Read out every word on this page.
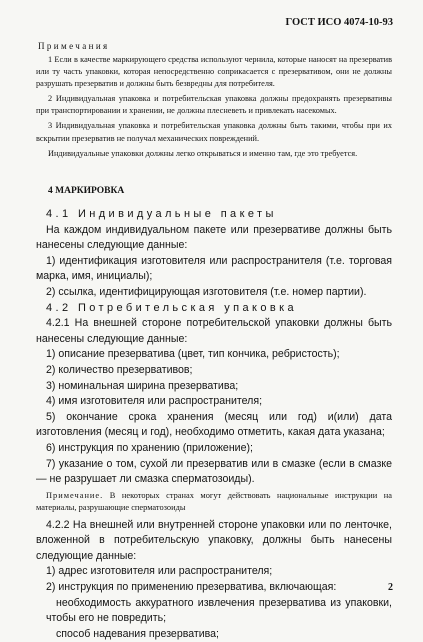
ГОСТ ИСО 4074-10-93
Примечания

1 Если в качестве маркирующего средства используют чернила, которые наносят на презерватив или ту часть упаковки, которая непосредственно соприкасается с презервативом, они не должны разрушать презерватив и должны быть безвредны для потребителя.

2 Индивидуальная упаковка и потребительская упаковка должны предохранять презервативы при транспортировании и хранении, не должны плесневеть и привлекать насекомых.

3 Индивидуальная упаковка и потребительская упаковка должны быть такими, чтобы при их вскрытии презерватив не получал механических повреждений.

Индивидуальные упаковки должны легко открываться и именно там, где это требуется.

4 МАРКИРОВКА

4.1 Индивидуальные пакеты

На каждом индивидуальном пакете или презервативе должны быть нанесены следующие данные:

1) идентификация изготовителя или распространителя (т.е. торговая марка, имя, инициалы);

2) ссылка, идентифицирующая изготовителя (т.е. номер партии).

4.2 Потребительская упаковка

4.2.1 На внешней стороне потребительской упаковки должны быть нанесены следующие данные:

1) описание презерватива (цвет, тип кончика, ребристость);

2) количество презервативов;

3) номинальная ширина презерватива;

4) имя изготовителя или распространителя;

5) окончание срока хранения (месяц или год) и(или) дата изготовления (месяц и год), необходимо отметить, какая дата указана;

6) инструкция по хранению (приложение);

7) указание о том, сухой ли презерватив или в смазке (если в смазке — не разрушает ли смазка сперматозоиды).

Примечание. В некоторых странах могут действовать национальные инструкции на материалы, разрушающие сперматозоиды

4.2.2 На внешней или внутренней стороне упаковки или по ленточке, вложенной в потребительскую упаковку, должны быть нанесены следующие данные:

1) адрес изготовителя или распространителя;

2) инструкция по применению презерватива, включающая:

необходимость аккуратного извлечения презерватива из упаковки, чтобы его не повредить;

способ надевания презерватива;

2
